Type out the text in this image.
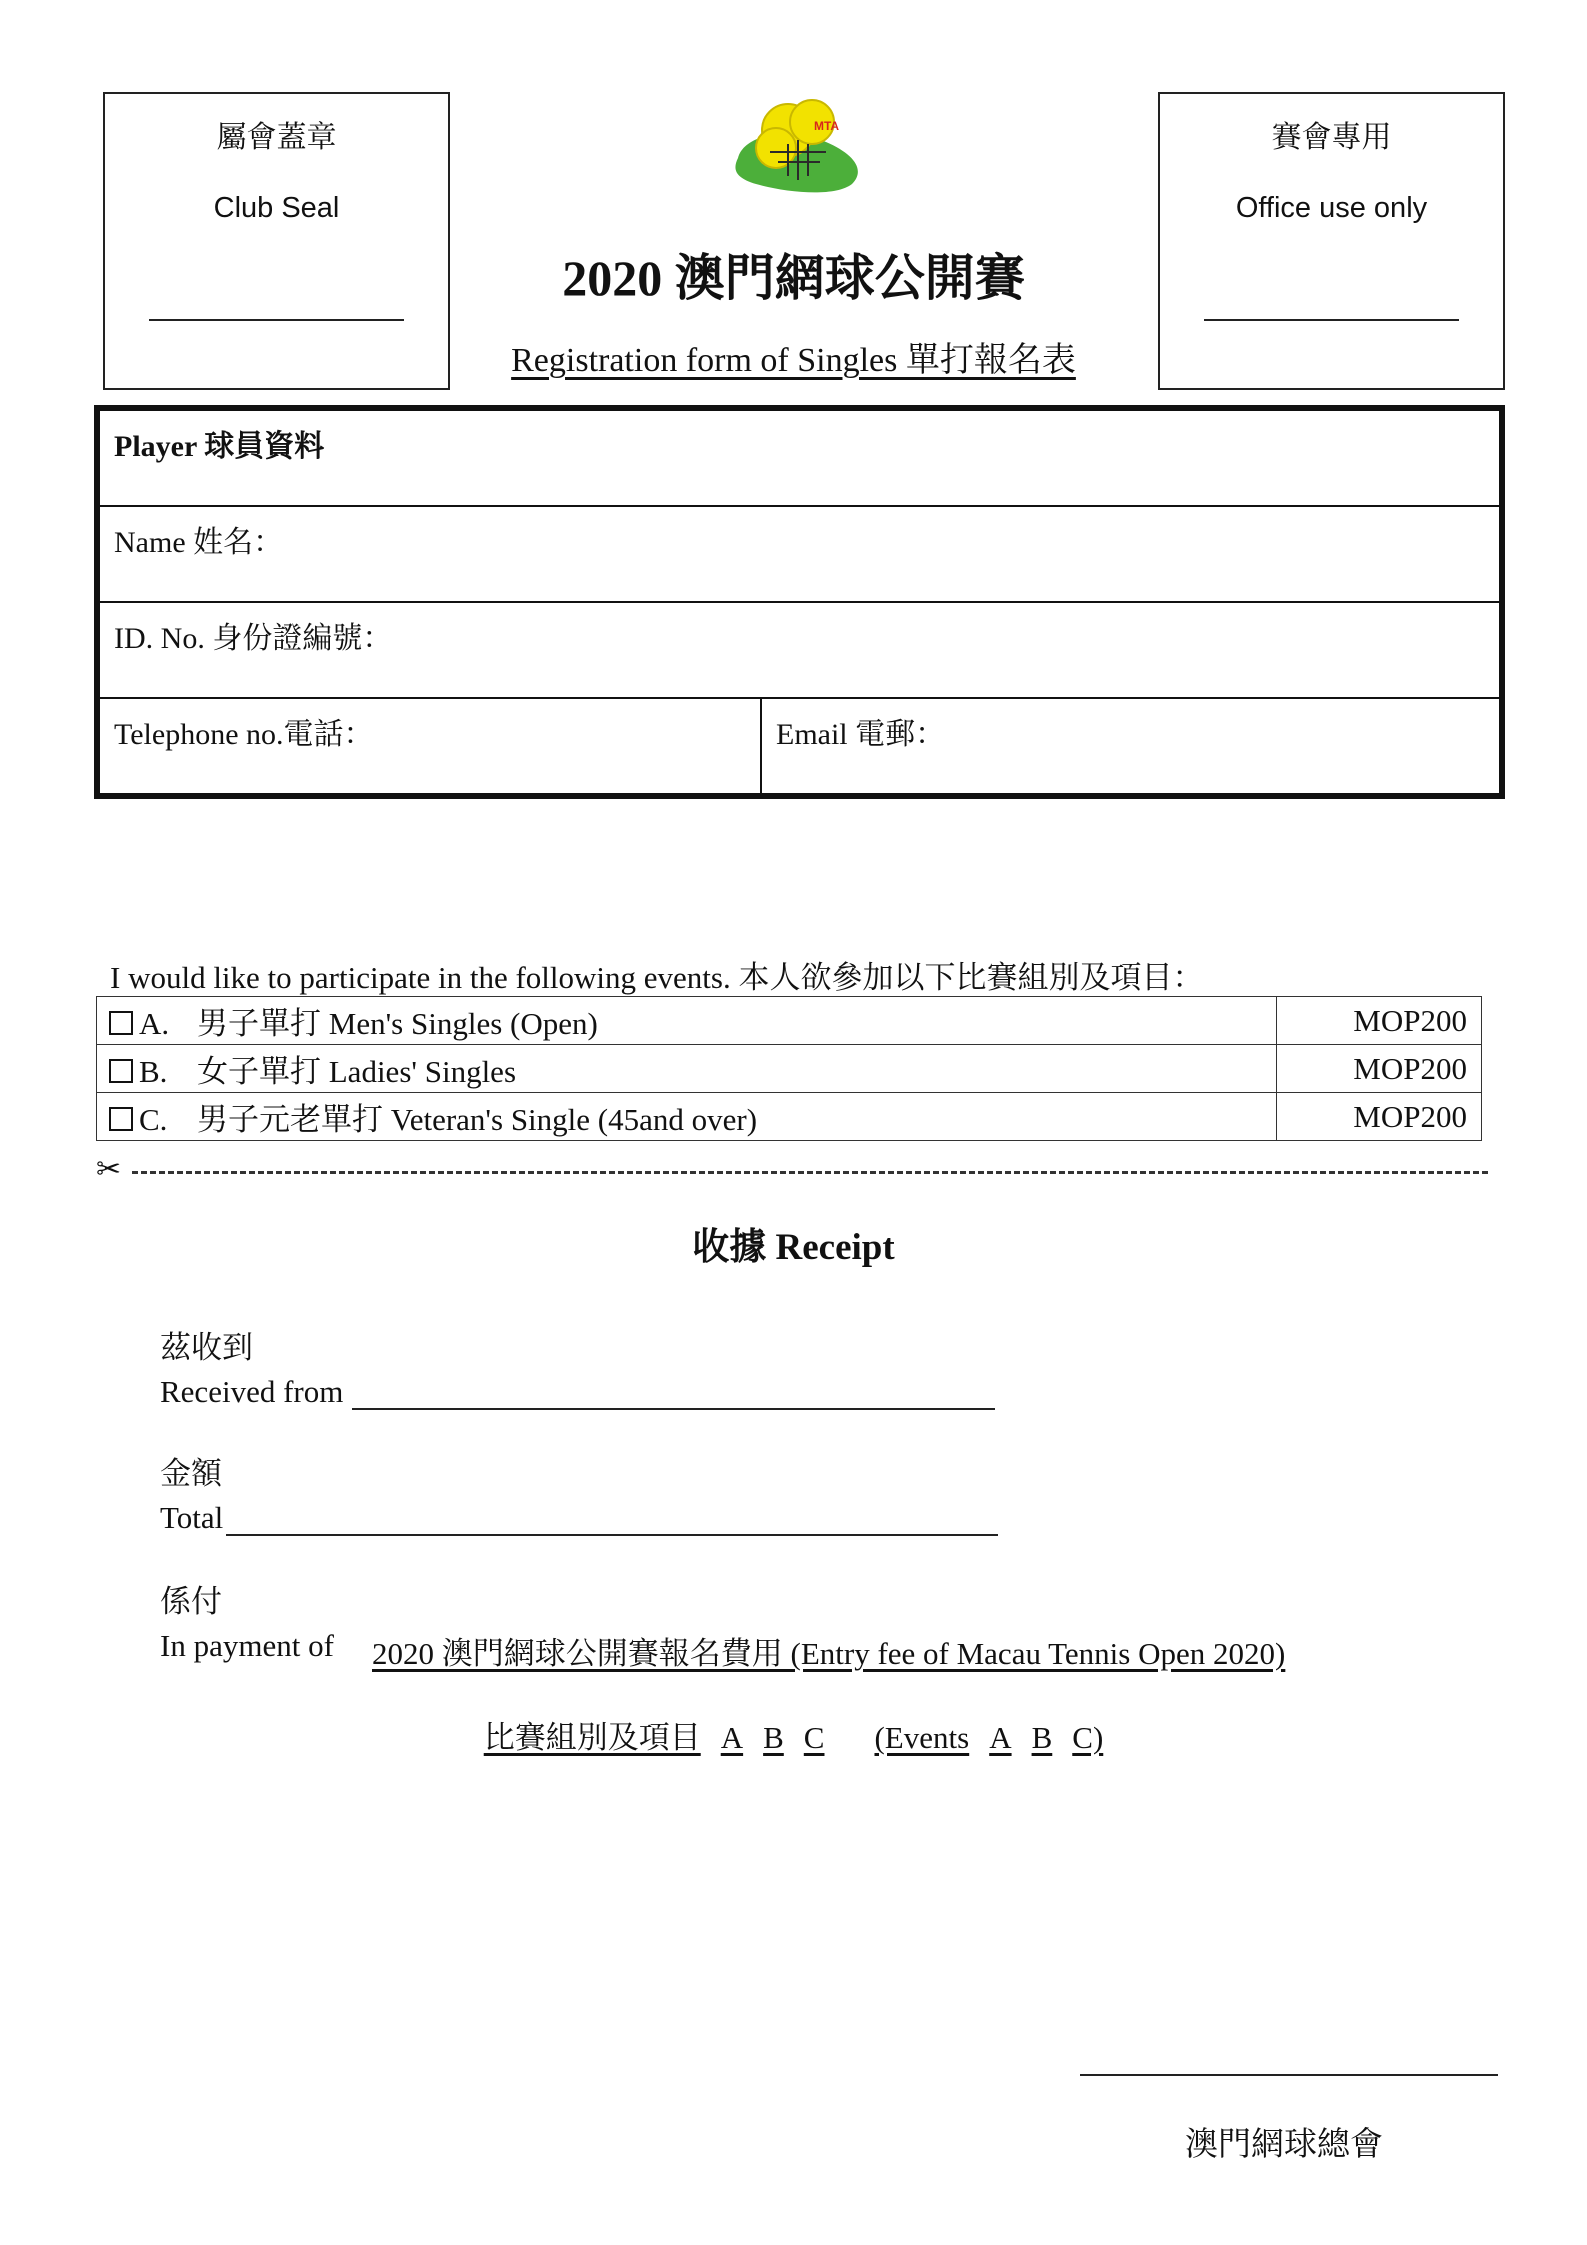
屬會蓋章
Club Seal
賽會專用
Office use only
MTA
2020 澳門網球公開賽
Registration form of Singles 單打報名表
Player 球員資料
Name 姓名：
ID. No. 身份證編號：
Telephone no.電話：	Email 電郵：
I would like to participate in the following events. 本人欲參加以下比賽組別及項目：
A. 男子單打 Men's Singles (Open)	MOP200
B. 女子單打 Ladies' Singles	MOP200
C. 男子元老單打 Veteran's Single (45and over)	MOP200
✂
收據 Receipt
茲收到
Received from
金額
Total
係付
In payment of 2020 澳門網球公開賽報名費用 (Entry fee of Macau Tennis Open 2020)
比賽組別及項目 A B C (Events A B C)
澳門網球總會
